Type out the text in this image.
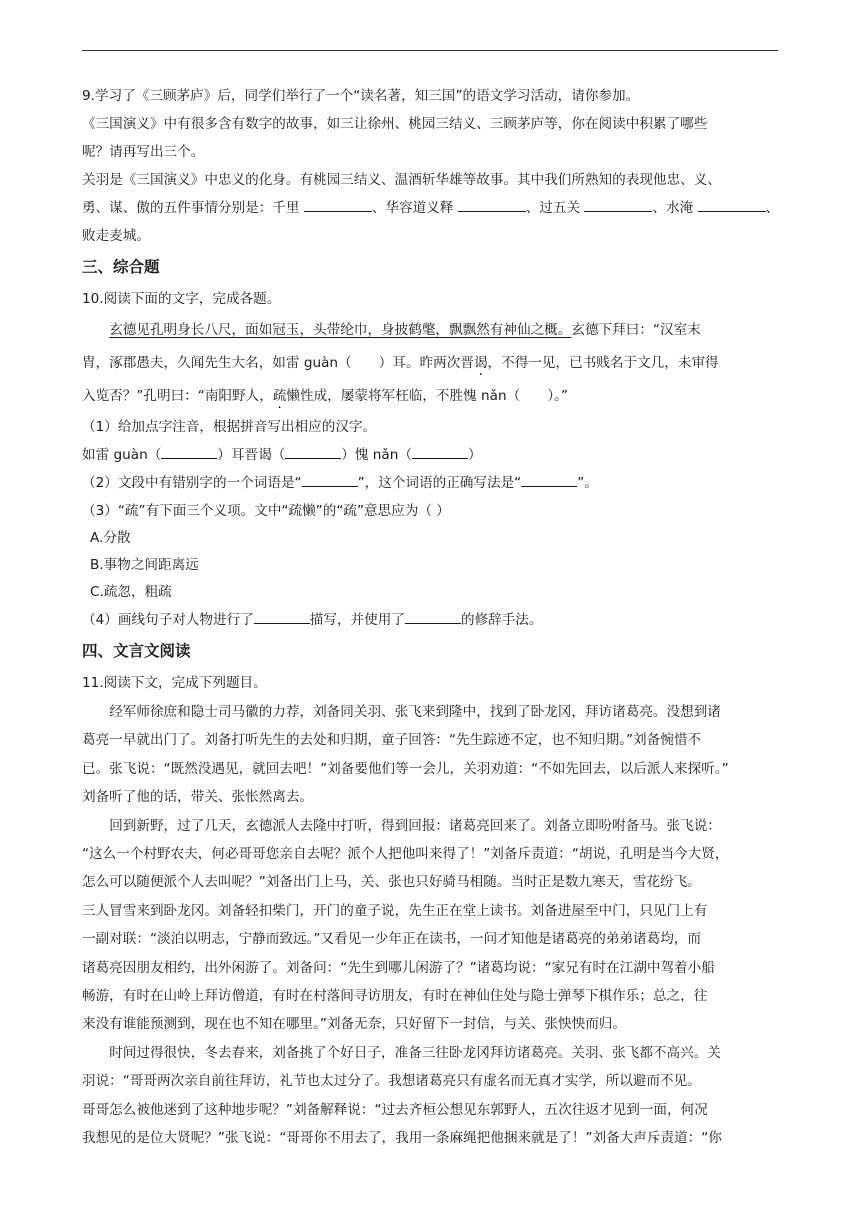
9.学习了《三顾茅庐》后，同学们举行了一个“读名著，知三国”的语文学习活动，请你参加。

《三国演义》中有很多含有数字的故事，如三让徐州、桃园三结义、三顾茅庐等，你在阅读中积累了哪些

呢？请再写出三个。

关羽是《三国演义》中忠义的化身。有桃园三结义、温酒斩华雄等故事。其中我们所熟知的表现他忠、义、

勇、谋、傲的五件事情分别是：千里	、华容道义释	、过五关	、水淹	、

败走麦城。

三、综合题

10.阅读下面的文字，完成各题。

玄德见孔明身长八尺，面如冠玉，头带纶巾，身披鹤氅，飘飘然有神仙之概。玄德下拜曰：“汉室末

胄，涿郡愚夫，久闻先生大名，如雷 guàn（　　）耳。昨两次晋谒，不得一见，已书贱名于文几，未审得

入览否？”孔明曰：“南阳野人，疏懒性成，屡蒙将军枉临，不胜愧 nǎn（　　）。”

（1）给加点字注音，根据拼音写出相应的汉字。

如雷 guàn（	）耳晋谒（	）愧 nǎn（	）

（2）文段中有错别字的一个词语是“	”，这个词语的正确写法是“	”。

（3）“疏”有下面三个义项。文中“疏懒”的“疏”意思应为（ ）

A.分散

B.事物之间距离远

C.疏忽，粗疏

（4）画线句子对人物进行了	描写，并使用了	的修辞手法。

四、文言文阅读

11.阅读下文，完成下列题目。

经军师徐庶和隐士司马徽的力荐，刘备同关羽、张飞来到隆中，找到了卧龙冈，拜访诸葛亮。没想到诸

葛亮一早就出门了。刘备打听先生的去处和归期，童子回答：“先生踪迹不定，也不知归期。”刘备惋惜不

已。张飞说：“既然没遇见，就回去吧！”刘备要他们等一会儿，关羽劝道：“不如先回去，以后派人来探听。”

刘备听了他的话，带关、张怅然离去。

回到新野，过了几天，玄德派人去隆中打听，得到回报：诸葛亮回来了。刘备立即吩咐备马。张飞说：

“这么一个村野农夫，何必哥哥您亲自去呢？派个人把他叫来得了！”刘备斥责道：“胡说，孔明是当今大贤，

怎么可以随便派个人去叫呢？”刘备出门上马，关、张也只好骑马相随。当时正是数九寒天，雪花纷飞。

三人冒雪来到卧龙冈。刘备轻扣柴门，开门的童子说，先生正在堂上读书。刘备进屋至中门，只见门上有

一副对联：“淡泊以明志，宁静而致远。”又看见一少年正在读书，一问才知他是诸葛亮的弟弟诸葛均，而

诸葛亮因朋友相约，出外闲游了。刘备问：“先生到哪儿闲游了？”诸葛均说：“家兄有时在江湖中驾着小船

畅游，有时在山岭上拜访僧道，有时在村落间寻访朋友，有时在神仙住处与隐士弹琴下棋作乐；总之，往

来没有谁能预测到，现在也不知在哪里。”刘备无奈，只好留下一封信，与关、张怏怏而归。

时间过得很快，冬去春来，刘备挑了个好日子，准备三往卧龙冈拜访诸葛亮。关羽、张飞都不高兴。关

羽说：“哥哥两次亲自前往拜访，礼节也太过分了。我想诸葛亮只有虚名而无真才实学，所以避而不见。

哥哥怎么被他迷到了这种地步呢？”刘备解释说：“过去齐桓公想见东郭野人，五次往返才见到一面，何况

我想见的是位大贤呢？”张飞说：“哥哥你不用去了，我用一条麻绳把他捆来就是了！”刘备大声斥责道：“你
